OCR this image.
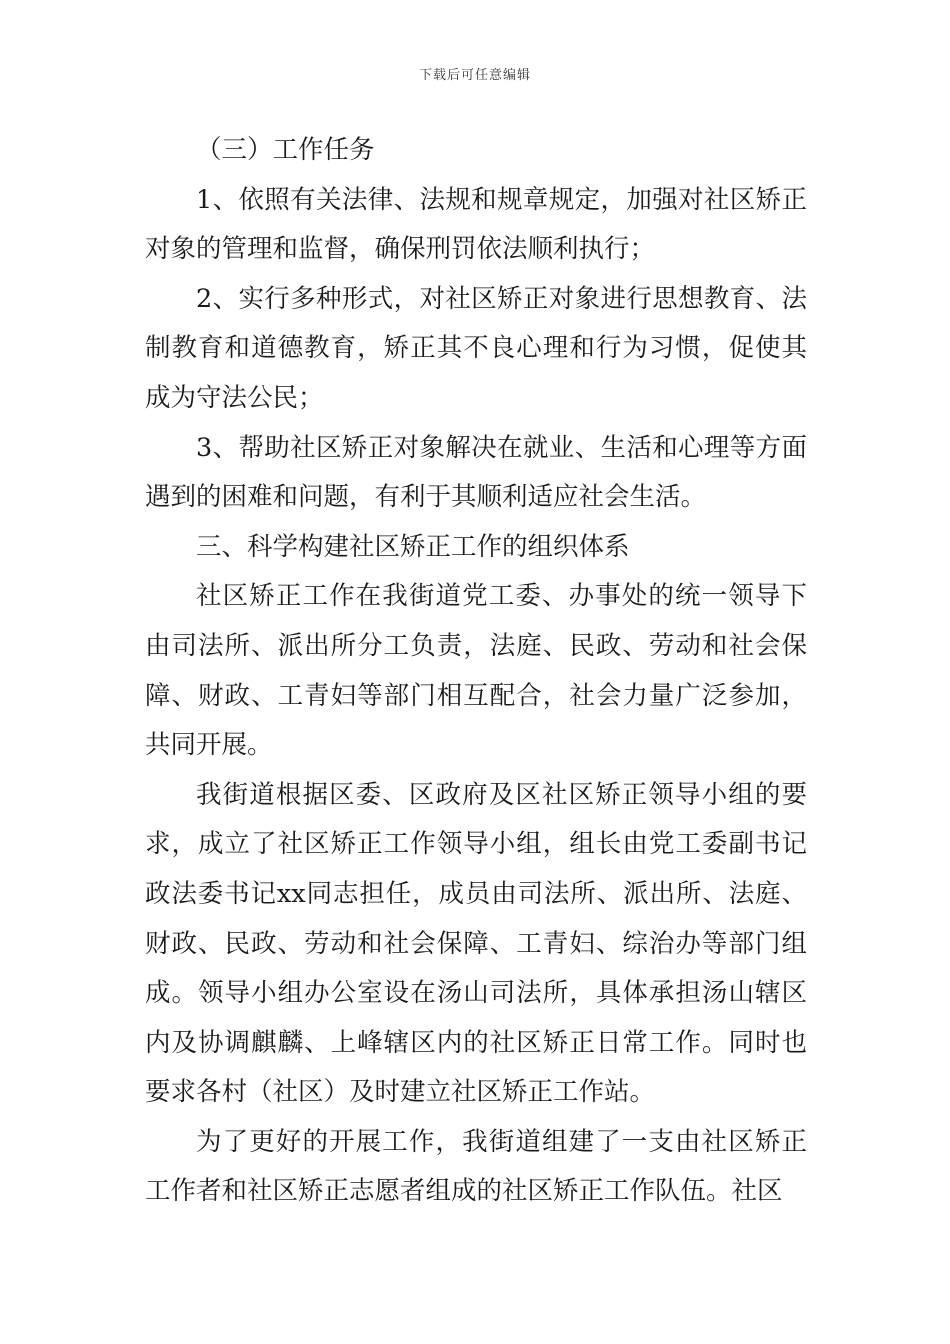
下载后可任意编辑

（三）工作任务

1、依照有关法律、法规和规章规定，加强对社区矫正对象的管理和监督，确保刑罚依法顺利执行；

2、实行多种形式，对社区矫正对象进行思想教育、法制教育和道德教育，矫正其不良心理和行为习惯，促使其成为守法公民；

3、帮助社区矫正对象解决在就业、生活和心理等方面遇到的困难和问题，有利于其顺利适应社会生活。

三、科学构建社区矫正工作的组织体系

社区矫正工作在我街道党工委、办事处的统一领导下由司法所、派出所分工负责，法庭、民政、劳动和社会保障、财政、工青妇等部门相互配合，社会力量广泛参加，共同开展。

我街道根据区委、区政府及区社区矫正领导小组的要求，成立了社区矫正工作领导小组，组长由党工委副书记政法委书记xx同志担任，成员由司法所、派出所、法庭、财政、民政、劳动和社会保障、工青妇、综治办等部门组成。领导小组办公室设在汤山司法所，具体承担汤山辖区内及协调麒麟、上峰辖区内的社区矫正日常工作。同时也要求各村（社区）及时建立社区矫正工作站。

为了更好的开展工作，我街道组建了一支由社区矫正工作者和社区矫正志愿者组成的社区矫正工作队伍。社区
